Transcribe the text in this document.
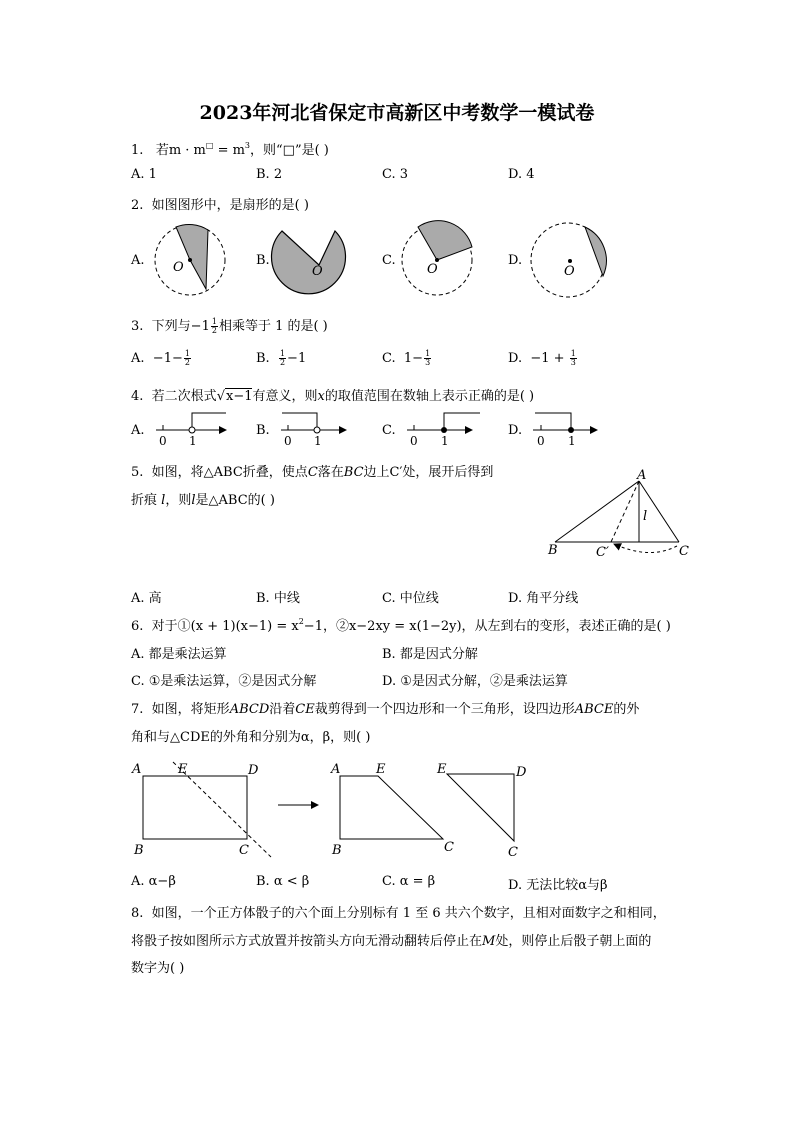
2023年河北省保定市高新区中考数学一模试卷
1. 若$m \cdot m^□ = m^3$，则“□”是( )
A. 1	B. 2	C. 3	D. 4
2. 如图图形中，是扇形的是( )
A.	B.	C.	D.
O	O	O	O
3. 下列与$-1 \frac{1}{2}$ 相乘等于 1 的是( )
A. $-1- \frac{1}{2}$	B. $\frac{1}{2} -1$	C. $1- \frac{1}{3}$	D. $-1 + \frac{1}{3}$
4. 若二次根式√x−1有意义，则x的取值范围在数轴上表示正确的是( )
A.	B.	C.	D.
0 1	0 1	0 1	0 1
5. 如图，将△ABC折叠，使点C落在BC边上C′处，展开后得到
折痕 l，则l是△ABC的( )
A
B	C
C′
l
A. 高	B. 中线	C. 中位线	D. 角平分线
6. 对于①(x + $1)(x-1) = x^2-1$，②x−2xy = x(1−2y)，从左到右的变形，表述正确的是( )
A. 都是乘法运算	B. 都是因式分解
C. ①是乘法运算，②是因式分解	D. ①是因式分解，②是乘法运算
7. 如图，将矩形ABCD沿着CE裁剪得到一个四边形和一个三角形，设四边形ABCE的外
角和与△CDE的外角和分别为α，β，则( )
A	E	D
B	C
A	E
B	C
E	D
C
A. α−β	B. α < β	C. α = β	D. 无法比较α与β
8. 如图，一个正方体骰子的六个面上分别标有 1 至 6 共六个数字，且相对面数字之和相同，
将骰子按如图所示方式放置并按箭头方向无滑动翻转后停止在M处，则停止后骰子朝上面的
数字为( )
